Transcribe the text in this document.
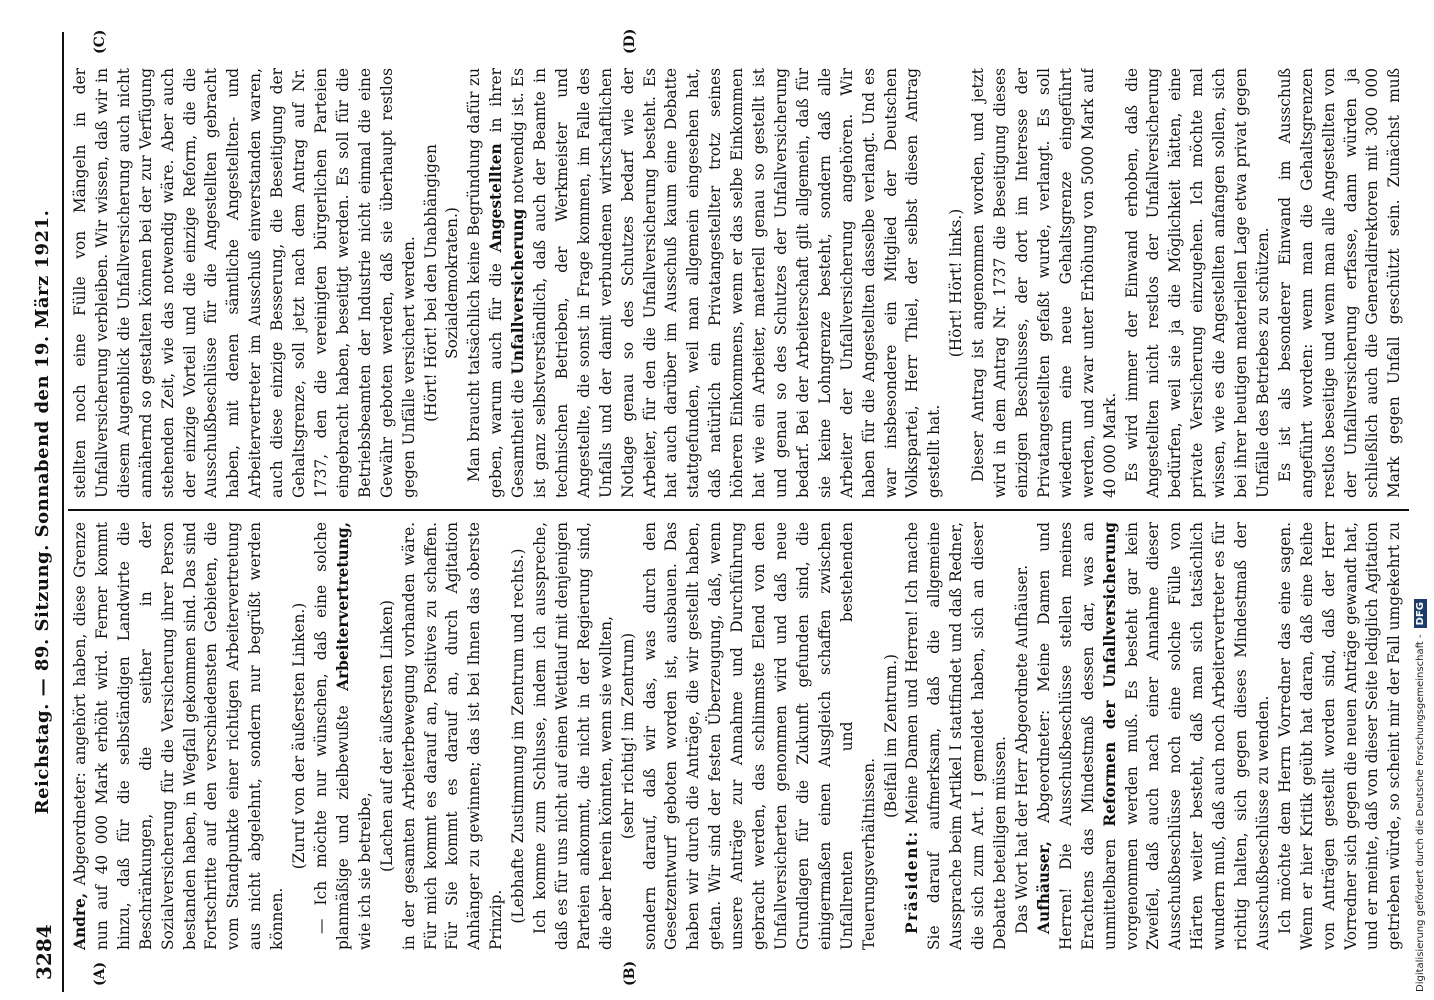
3284
Reichstag. — 89. Sitzung. Sonnabend den 19. März 1921.
(A)	(B)
(C)	(D)

Andre, Abgeordneter: angehört haben, diese Grenze nun auf 40 000 Mark erhöht wird. Ferner kommt hinzu, daß für die selbständigen Landwirte die Beschränkungen, die seither in der Sozialversicherung für die Versicherung ihrer Person bestanden haben, in Wegfall gekommen sind. Das sind Fortschritte auf den verschiedensten Gebieten, die vom Standpunkte einer richtigen Arbeitervertretung aus nicht abgelehnt, sondern nur begrüßt werden können.

(Zuruf von der äußersten Linken.) — Ich möchte nur wünschen, daß eine solche planmäßige und zielbewußte Arbeitervertretung, wie ich sie betreibe, (Lachen auf der äußersten Linken) in der gesamten Arbeiterbewegung vorhanden wäre. Für mich kommt es darauf an, Positives zu schaffen. Für Sie kommt es darauf an, durch Agitation Anhänger zu gewinnen; das ist bei Ihnen das oberste Prinzip. (Lebhafte Zustimmung im Zentrum und rechts.) Ich komme zum Schlusse, indem ich ausspreche, daß es für uns nicht auf einen Wettlauf mit denjenigen Parteien ankommt, die nicht in der Regierung sind, die aber herein könnten, wenn sie wollten, (sehr richtig! im Zentrum) sondern darauf, daß wir das, was durch den Gesetzentwurf geboten worden ist, ausbauen. Das haben wir durch die Anträge, die wir gestellt haben, getan. Wir sind der festen Überzeugung, daß, wenn unsere Anträge zur Annahme und Durchführung gebracht werden, das schlimmste Elend von den Unfallversicherten genommen wird und daß neue Grundlagen für die Zukunft gefunden sind, die einigermaßen einen Ausgleich schaffen zwischen Unfallrenten und bestehenden Teuerungsverhältnissen.

(Beifall im Zentrum.)

Präsident: Meine Damen und Herren! Ich mache Sie darauf aufmerksam, daß die allgemeine Aussprache beim Artikel I stattfindet und daß Redner, die sich zum Art. I gemeldet haben, sich an dieser Debatte beteiligen müssen. Das Wort hat der Herr Abgeordnete Aufhäuser. Aufhäuser, Abgeordneter: Meine Damen und Herren! Die Ausschußbeschlüsse stellen meines Erachtens das Mindestmaß dessen dar, was an unmittelbaren Reformen der Unfallversicherung vorgenommen werden muß. Es besteht gar kein Zweifel, daß auch nach einer Annahme dieser Ausschußbeschlüsse noch eine solche Fülle von Härten weiter besteht, daß man sich tatsächlich wundern muß, daß auch noch Arbeitervertreter es für richtig halten, sich gegen dieses Mindestmaß der Ausschußbeschlüsse zu wenden. Ich möchte dem Herrn Vorredner das eine sagen. Wenn er hier Kritik geübt hat daran, daß eine Reihe von Anträgen gestellt worden sind, daß der Herr Vorredner sich gegen die neuen Anträge gewandt hat, und er meinte, daß von dieser Seite lediglich Agitation getrieben würde, so scheint mir der Fall umgekehrt zu

stellten noch eine Fülle von Mängeln in der Unfallversicherung verbleiben. Wir wissen, daß wir in diesem Augenblick die Unfallversicherung auch nicht annähernd so gestalten können bei der zur Verfügung stehenden Zeit, wie das notwendig wäre. Aber auch der einzige Vorteil und die einzige Reform, die die Ausschußbeschlüsse für die Angestellten gebracht haben, mit denen sämtliche Angestellten- und Arbeitervertreter im Ausschuß einverstanden waren, auch diese einzige Besserung, die Beseitigung der Gehaltsgrenze, soll jetzt nach dem Antrag auf Nr. 1737, den die vereinigten bürgerlichen Parteien eingebracht haben, beseitigt werden. Es soll für die Betriebsbeamten der Industrie nicht einmal die eine Gewähr geboten werden, daß sie überhaupt restlos gegen Unfälle versichert werden. (Hört! Hört! bei den Unabhängigen Sozialdemokraten.) Man braucht tatsächlich keine Begründung dafür zu geben, warum auch für die Angestellten in ihrer Gesamtheit die Unfallversicherung notwendig ist. Es ist ganz selbstverständlich, daß auch der Beamte in technischen Betrieben, der Werkmeister und Angestellte, die sonst in Frage kommen, im Falle des Unfalls und der damit verbundenen wirtschaftlichen Notlage genau so des Schutzes bedarf wie der Arbeiter, für den die Unfallversicherung besteht. Es hat auch darüber im Ausschuß kaum eine Debatte stattgefunden, weil man allgemein eingesehen hat, daß natürlich ein Privatangestellter trotz seines höheren Einkommens, wenn er das selbe Einkommen hat wie ein Arbeiter, materiell genau so gestellt ist und genau so des Schutzes der Unfallversicherung bedarf. Bei der Arbeiterschaft gilt allgemein, daß für sie keine Lohngrenze besteht, sondern daß alle Arbeiter der Unfallversicherung angehören. Wir haben für die Angestellten dasselbe verlangt. Und es war insbesondere ein Mitglied der Deutschen Volkspartei, Herr Thiel, der selbst diesen Antrag gestellt hat.

(Hört! Hört! links.) Dieser Antrag ist angenommen worden, und jetzt wird in dem Antrag Nr. 1737 die Beseitigung dieses einzigen Beschlusses, der dort im Interesse der Privatangestellten gefaßt wurde, verlangt. Es soll wiederum eine neue Gehaltsgrenze eingeführt werden, und zwar unter Erhöhung von 5000 Mark auf 40 000 Mark. Es wird immer der Einwand erhoben, daß die Angestellten nicht restlos der Unfallversicherung bedürfen, weil sie ja die Möglichkeit hätten, eine private Versicherung einzugehen. Ich möchte mal wissen, wie es die Angestellten anfangen sollen, sich bei ihrer heutigen materiellen Lage etwa privat gegen Unfälle des Betriebes zu schützen. Es ist als besonderer Einwand im Ausschuß angeführt worden: wenn man die Gehaltsgrenzen restlos beseitige und wenn man alle Angestellten von der Unfallversicherung erfasse, dann würden ja schließlich auch die Generaldirektoren mit 300 000 Mark gegen Unfall geschützt sein. Zunächst muß

Digitalisierung gefördert durch die Deutsche Forschungsgemeinschaft -DFG
